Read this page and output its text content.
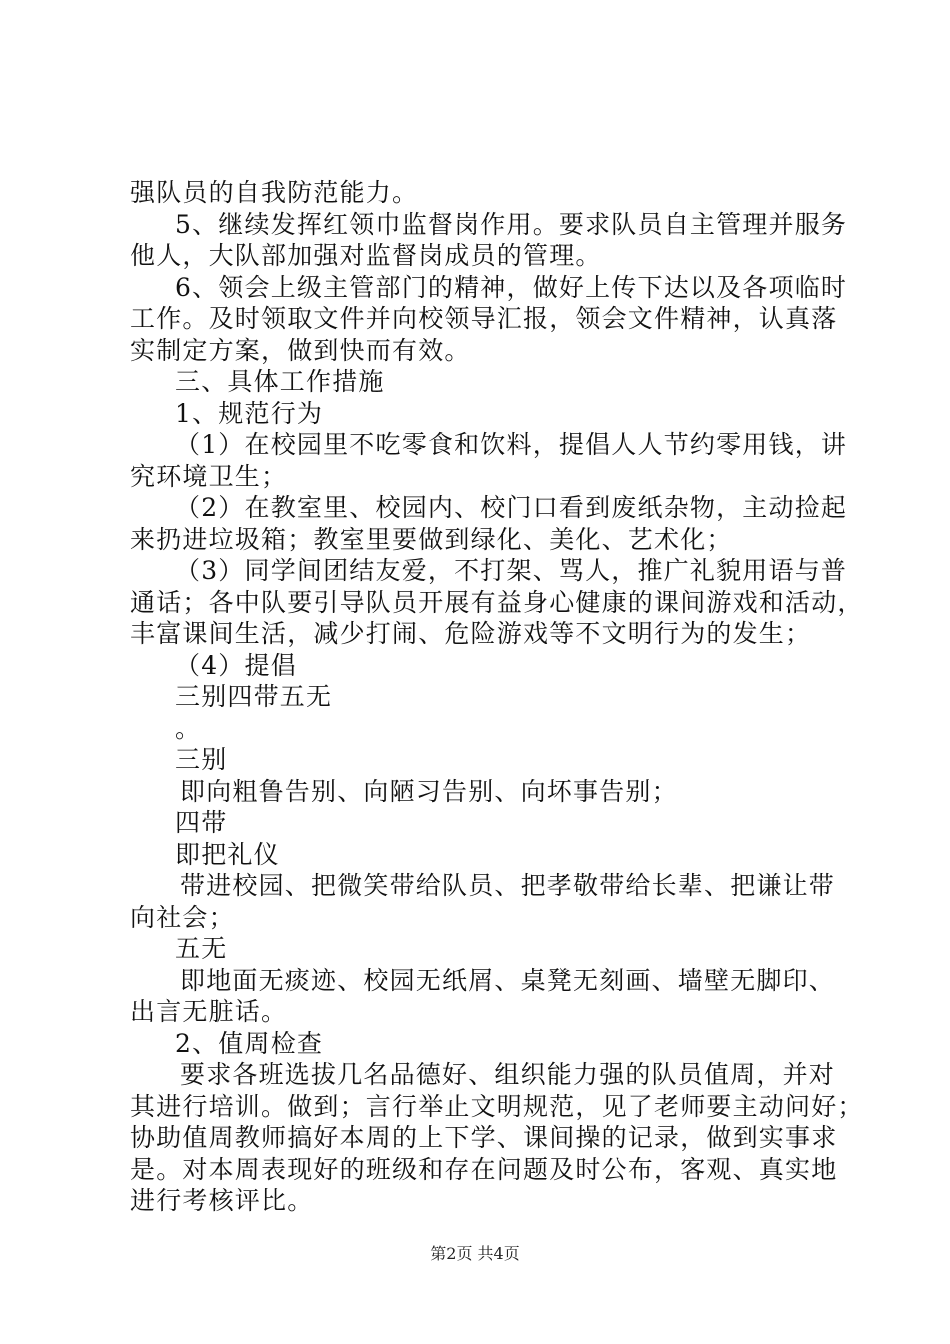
强队员的自我防范能力。
5、继续发挥红领巾监督岗作用。要求队员自主管理并服务
他人，大队部加强对监督岗成员的管理。
6、领会上级主管部门的精神，做好上传下达以及各项临时
工作。及时领取文件并向校领导汇报，领会文件精神，认真落
实制定方案，做到快而有效。
三、具体工作措施
1、规范行为
（1）在校园里不吃零食和饮料，提倡人人节约零用钱，讲
究环境卫生；
（2）在教室里、校园内、校门口看到废纸杂物，主动捡起
来扔进垃圾箱；教室里要做到绿化、美化、艺术化；
（3）同学间团结友爱，不打架、骂人，推广礼貌用语与普
通话；各中队要引导队员开展有益身心健康的课间游戏和活动，
丰富课间生活，减少打闹、危险游戏等不文明行为的发生；
（4）提倡
三别四带五无
。
三别
即向粗鲁告别、向陋习告别、向坏事告别；
四带
即把礼仪
带进校园、把微笑带给队员、把孝敬带给长辈、把谦让带
向社会；
五无
即地面无痰迹、校园无纸屑、桌凳无刻画、墙壁无脚印、
出言无脏话。
2、值周检查
要求各班选拔几名品德好、组织能力强的队员值周，并对
其进行培训。做到；言行举止文明规范，见了老师要主动问好；
协助值周教师搞好本周的上下学、课间操的记录，做到实事求
是。对本周表现好的班级和存在问题及时公布，客观、真实地
进行考核评比。
第2页 共4页
